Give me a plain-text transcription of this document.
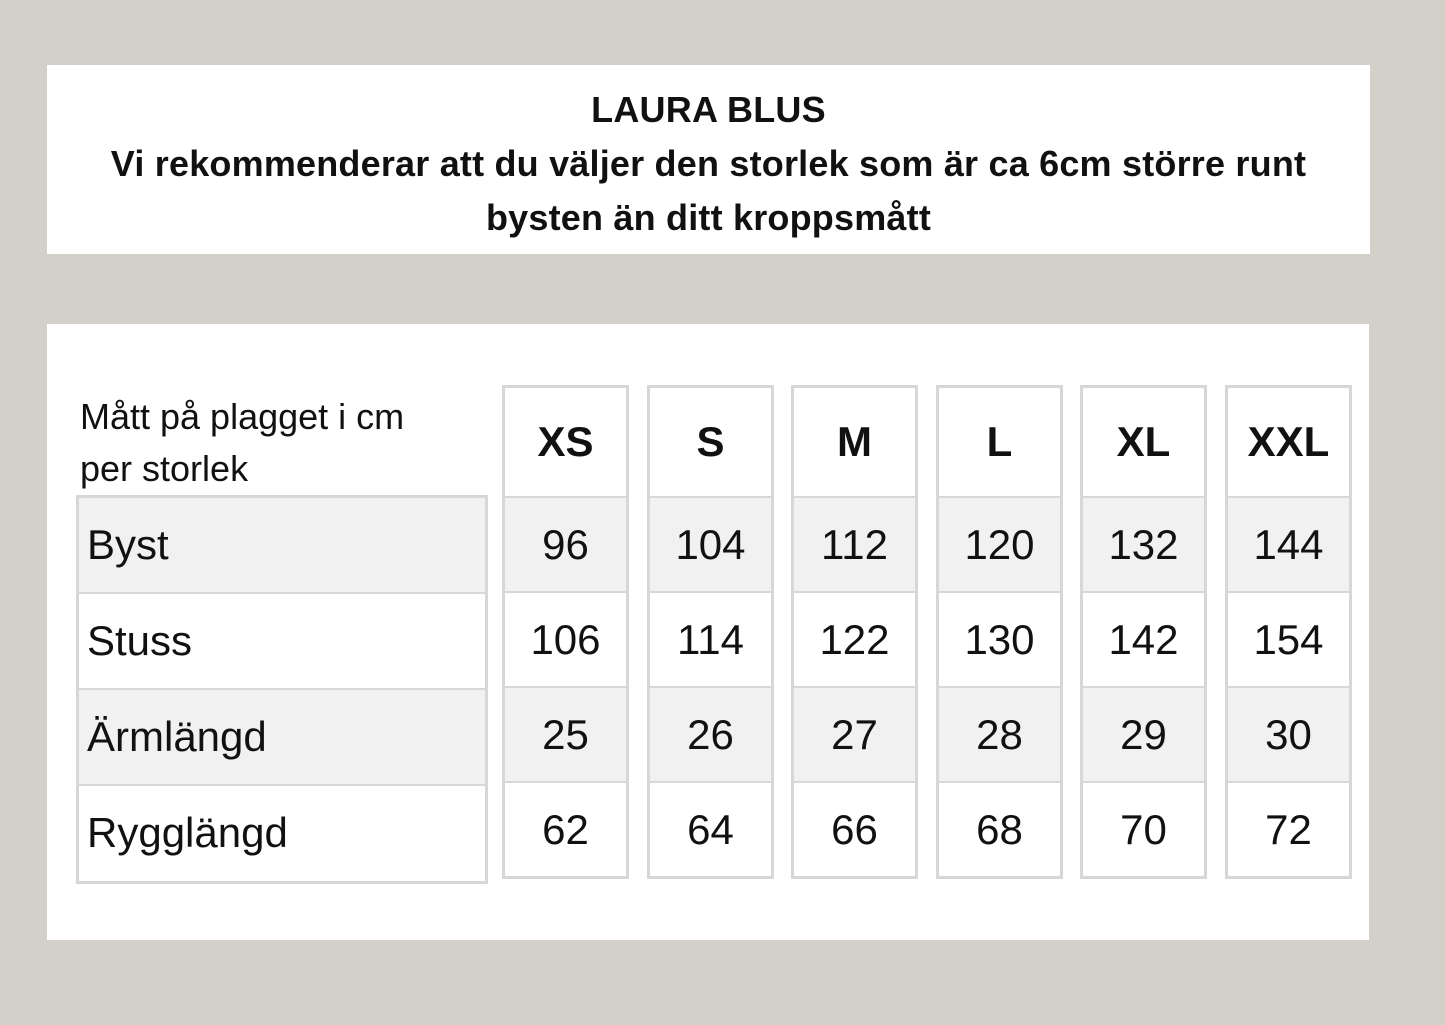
LAURA BLUS
Vi rekommenderar att du väljer den storlek som är ca 6cm större runt
bysten än ditt kroppsmått
Mått på plagget i cm
per storlek
Byst
Stuss
Ärmlängd
Rygglängd
XS
96
106
25
62
S
104
114
26
64
M
112
122
27
66
L
120
130
28
68
XL
132
142
29
70
XXL
144
154
30
72
